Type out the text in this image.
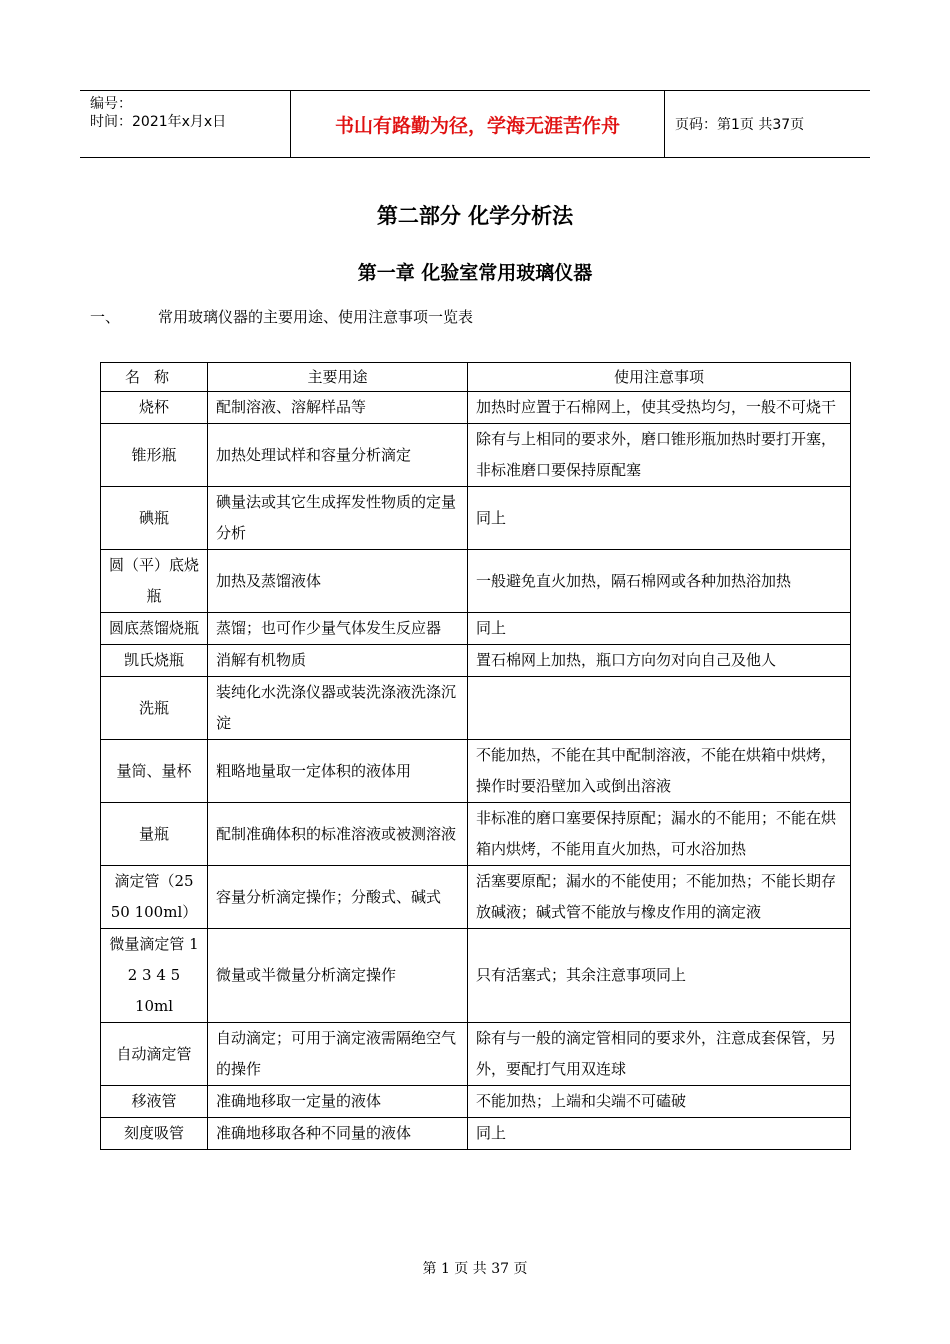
编号：
时间：2021年x月x日	书山有路勤为径，学海无涯苦作舟	页码：第1页 共37页
第二部分 化学分析法
第一章 化验室常用玻璃仪器
一、	常用玻璃仪器的主要用途、使用注意事项一览表
名称	主要用途	使用注意事项
烧杯	配制溶液、溶解样品等	加热时应置于石棉网上，使其受热均匀，一般不可烧干
锥形瓶	加热处理试样和容量分析滴定	除有与上相同的要求外，磨口锥形瓶加热时要打开塞，非标准磨口要保持原配塞
碘瓶	碘量法或其它生成挥发性物质的定量分析	同上
圆（平）底烧瓶	加热及蒸馏液体	一般避免直火加热，隔石棉网或各种加热浴加热
圆底蒸馏烧瓶	蒸馏；也可作少量气体发生反应器	同上
凯氏烧瓶	消解有机物质	置石棉网上加热，瓶口方向勿对向自己及他人
洗瓶	装纯化水洗涤仪器或装洗涤液洗涤沉淀	
量筒、量杯	粗略地量取一定体积的液体用	不能加热，不能在其中配制溶液，不能在烘箱中烘烤，操作时要沿壁加入或倒出溶液
量瓶	配制准确体积的标准溶液或被测溶液	非标准的磨口塞要保持原配；漏水的不能用；不能在烘箱内烘烤，不能用直火加热，可水浴加热
滴定管（25 50 100ml）	容量分析滴定操作；分酸式、碱式	活塞要原配；漏水的不能使用；不能加热；不能长期存放碱液；碱式管不能放与橡皮作用的滴定液
微量滴定管 1 2 3 4 5 10ml	微量或半微量分析滴定操作	只有活塞式；其余注意事项同上
自动滴定管	自动滴定；可用于滴定液需隔绝空气的操作	除有与一般的滴定管相同的要求外，注意成套保管，另外，要配打气用双连球
移液管	准确地移取一定量的液体	不能加热；上端和尖端不可磕破
刻度吸管	准确地移取各种不同量的液体	同上
第 1 页 共 37 页
